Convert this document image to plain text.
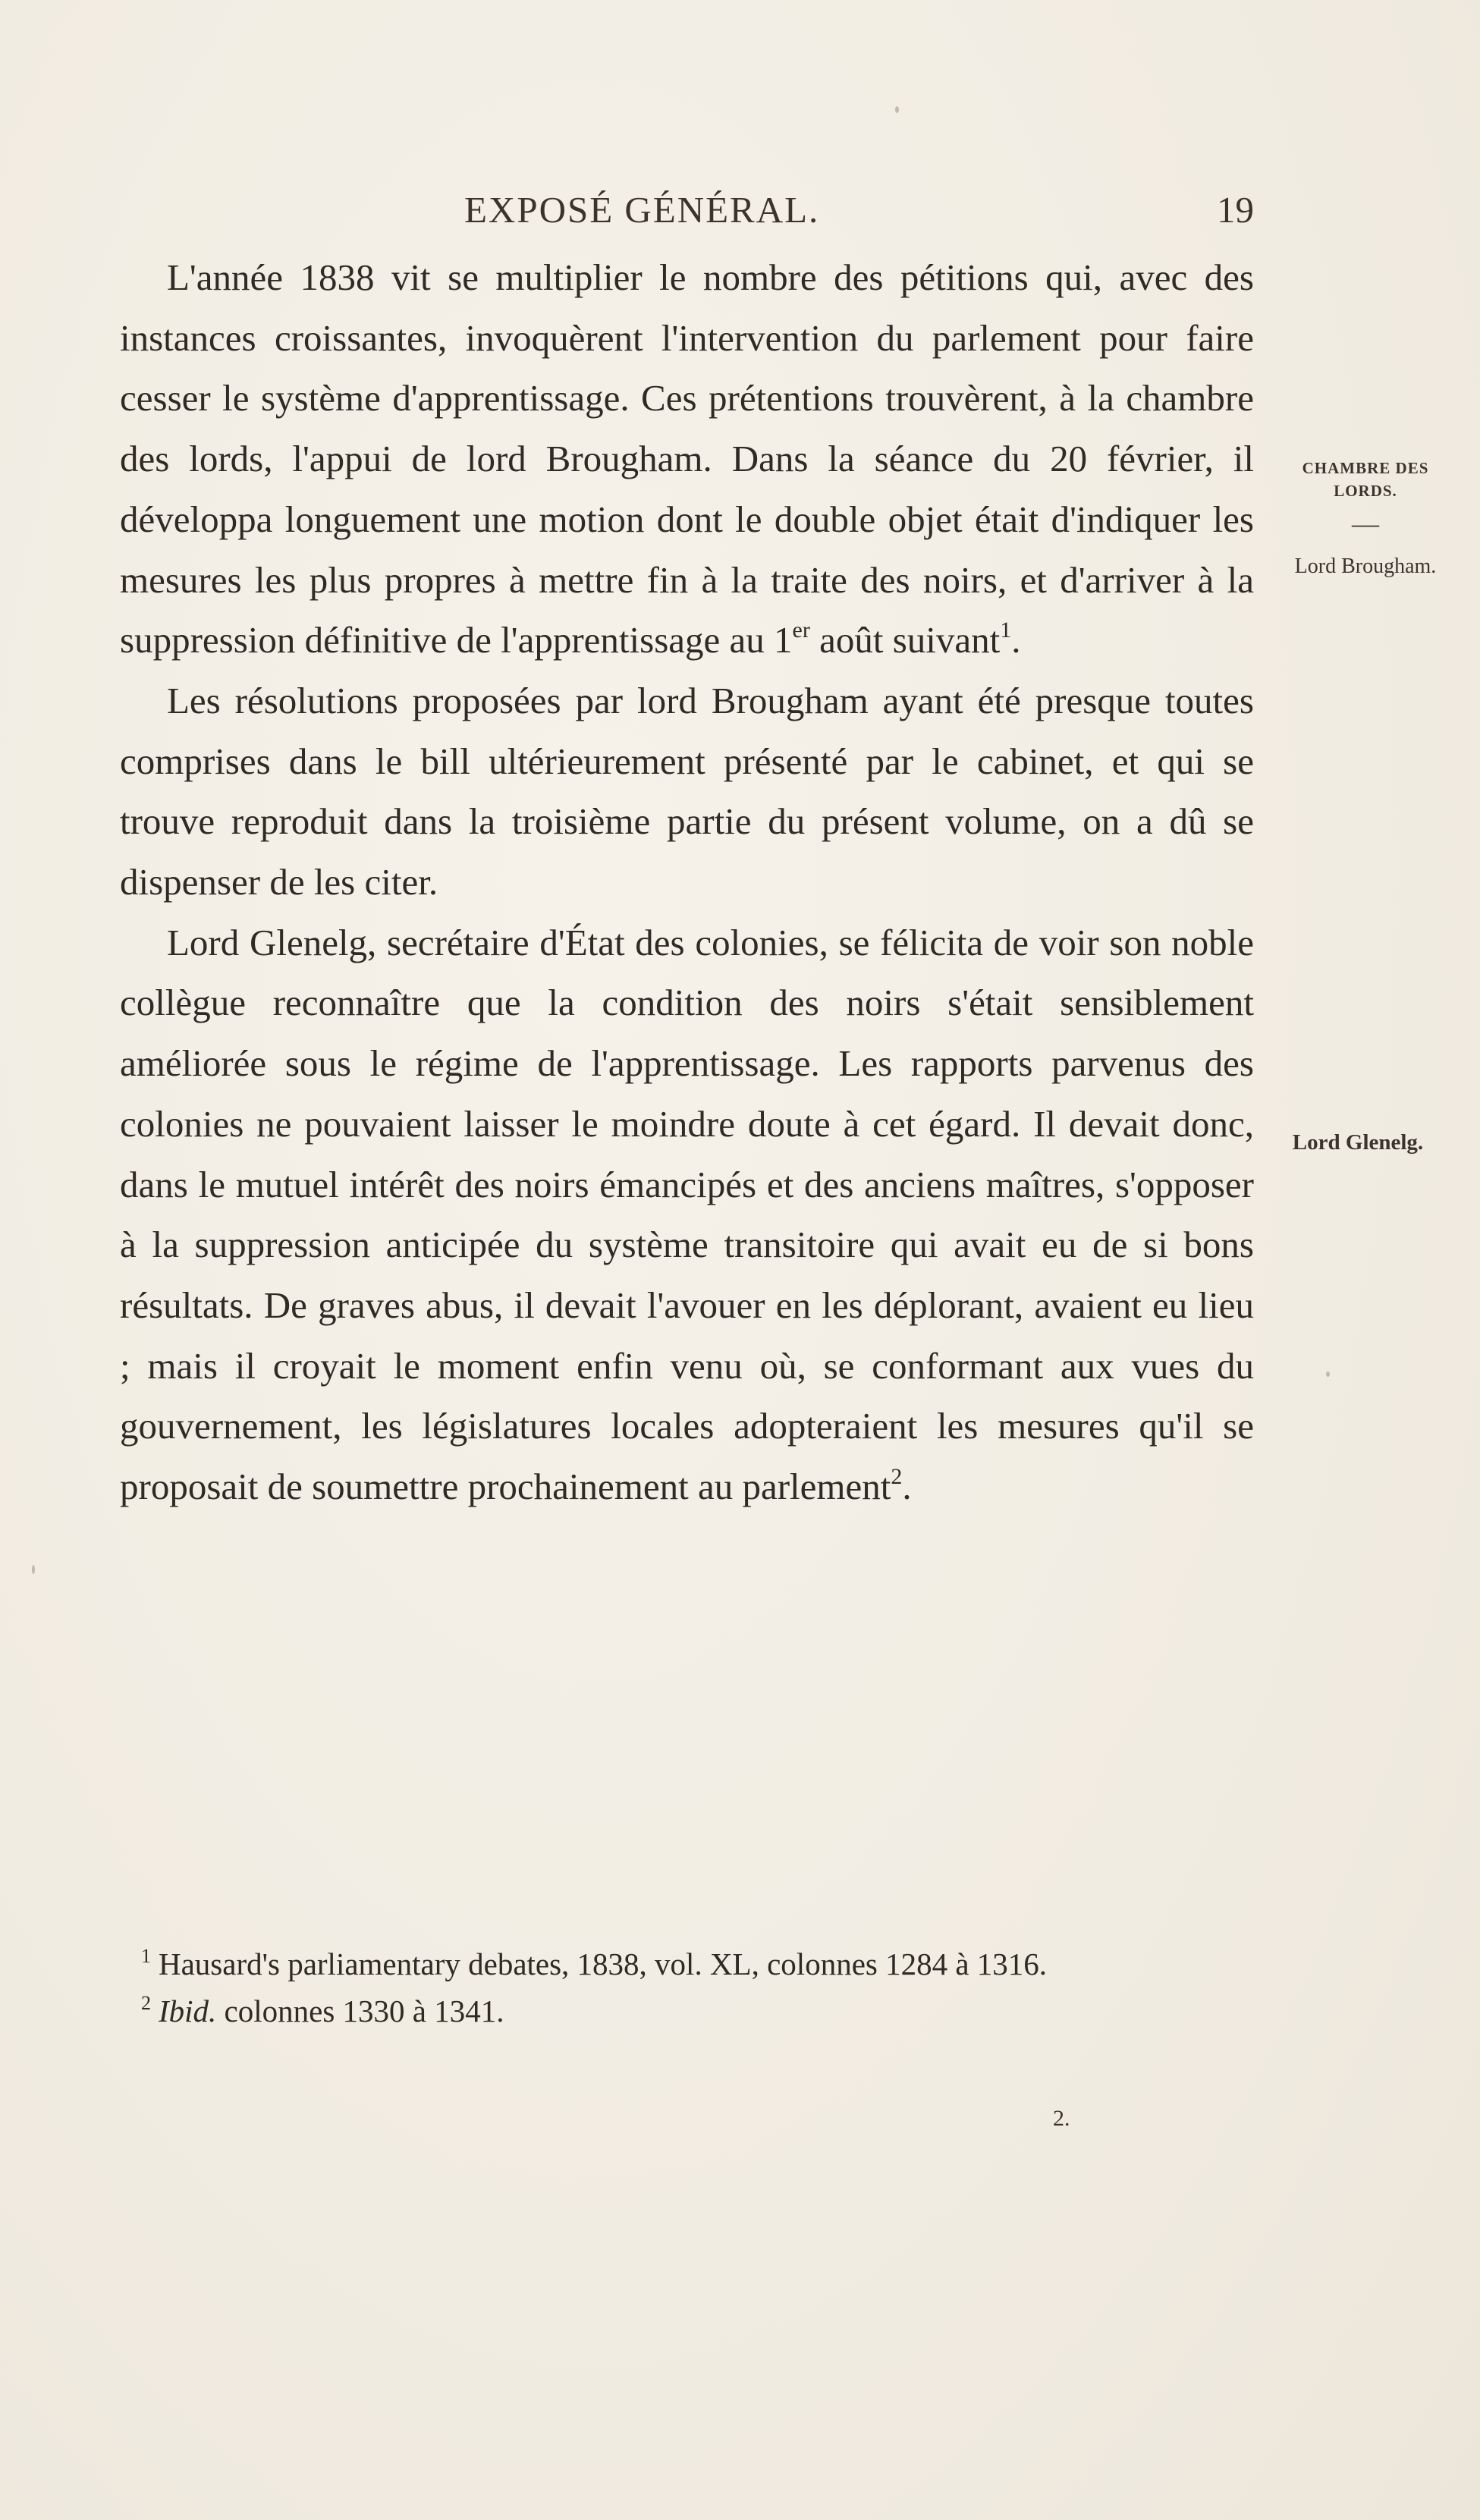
EXPOSÉ GÉNÉRAL.	19

L'année 1838 vit se multiplier le nombre des pétitions qui, avec des instances croissantes, invoquèrent l'intervention du parlement pour faire cesser le système d'apprentissage. Ces prétentions trouvèrent, à la chambre des lords, l'appui de lord Brougham. Dans la séance du 20 février, il développa longuement une motion dont le double objet était d'indiquer les mesures les plus propres à mettre fin à la traite des noirs, et d'arriver à la suppression définitive de l'apprentissage au 1er août suivant$^1$.

Les résolutions proposées par lord Brougham ayant été presque toutes comprises dans le bill ultérieurement présenté par le cabinet, et qui se trouve reproduit dans la troisième partie du présent volume, on a dû se dispenser de les citer.

Lord Glenelg, secrétaire d'État des colonies, se félicita de voir son noble collègue reconnaître que la condition des noirs s'était sensiblement améliorée sous le régime de l'apprentissage. Les rapports parvenus des colonies ne pouvaient laisser le moindre doute à cet égard. Il devait donc, dans le mutuel intérêt des noirs émancipés et des anciens maîtres, s'opposer à la suppression anticipée du système transitoire qui avait eu de si bons résultats. De graves abus, il devait l'avouer en les déplorant, avaient eu lieu ; mais il croyait le moment enfin venu où, se conformant aux vues du gouvernement, les législatures locales adopteraient les mesures qu'il se proposait de soumettre prochainement au parlement$^2$.

CHAMBRE DES LORDS.
—
Lord Brougham.
Lord Glenelg.

$^1$ Hausard's parliamentary debates, 1838, vol. XL, colonnes 1284 à 1316.

$^2$ Ibid. colonnes 1330 à 1341.

2.
